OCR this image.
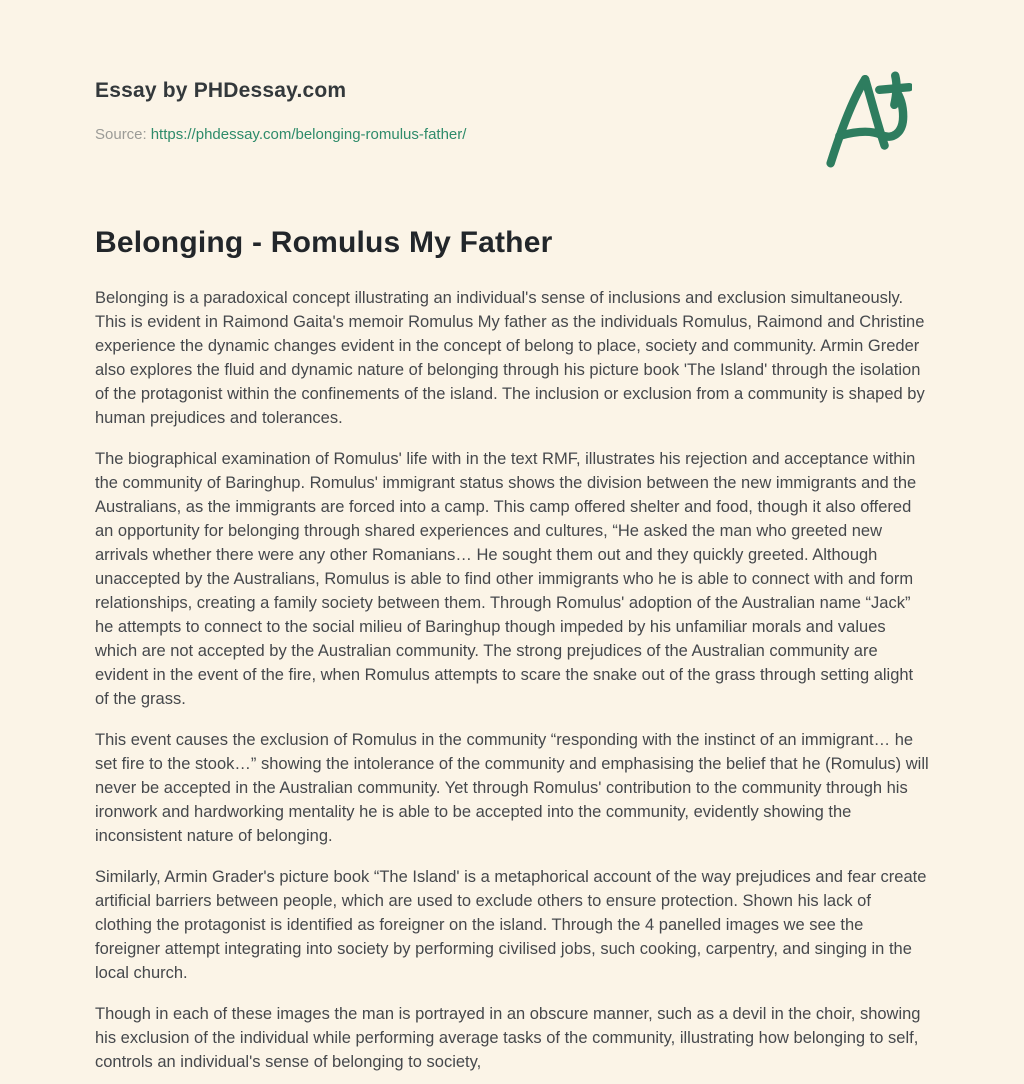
Essay by PHDessay.com
Source: https://phdessay.com/belonging-romulus-father/
Belonging - Romulus My Father

Belonging is a paradoxical concept illustrating an individual's sense of inclusions and exclusion simultaneously. This is evident in Raimond Gaita's memoir Romulus My father as the individuals Romulus, Raimond and Christine experience the dynamic changes evident in the concept of belong to place, society and community. Armin Greder also explores the fluid and dynamic nature of belonging through his picture book 'The Island' through the isolation of the protagonist within the confinements of the island. The inclusion or exclusion from a community is shaped by human prejudices and tolerances.

The biographical examination of Romulus' life with in the text RMF, illustrates his rejection and acceptance within the community of Baringhup. Romulus' immigrant status shows the division between the new immigrants and the Australians, as the immigrants are forced into a camp. This camp offered shelter and food, though it also offered an opportunity for belonging through shared experiences and cultures, “He asked the man who greeted new arrivals whether there were any other Romanians… He sought them out and they quickly greeted. Although unaccepted by the Australians, Romulus is able to find other immigrants who he is able to connect with and form relationships, creating a family society between them. Through Romulus' adoption of the Australian name “Jack” he attempts to connect to the social milieu of Baringhup though impeded by his unfamiliar morals and values which are not accepted by the Australian community. The strong prejudices of the Australian community are evident in the event of the fire, when Romulus attempts to scare the snake out of the grass through setting alight of the grass.

This event causes the exclusion of Romulus in the community “responding with the instinct of an immigrant… he set fire to the stook…” showing the intolerance of the community and emphasising the belief that he (Romulus) will never be accepted in the Australian community. Yet through Romulus' contribution to the community through his ironwork and hardworking mentality he is able to be accepted into the community, evidently showing the inconsistent nature of belonging.

Similarly, Armin Grader's picture book “The Island' is a metaphorical account of the way prejudices and fear create artificial barriers between people, which are used to exclude others to ensure protection. Shown his lack of clothing the protagonist is identified as foreigner on the island. Through the 4 panelled images we see the foreigner attempt integrating into society by performing civilised jobs, such cooking, carpentry, and singing in the local church.

Though in each of these images the man is portrayed in an obscure manner, such as a devil in the choir, showing his exclusion of the individual while performing average tasks of the community, illustrating how belonging to self, controls an individual's sense of belonging to society,
